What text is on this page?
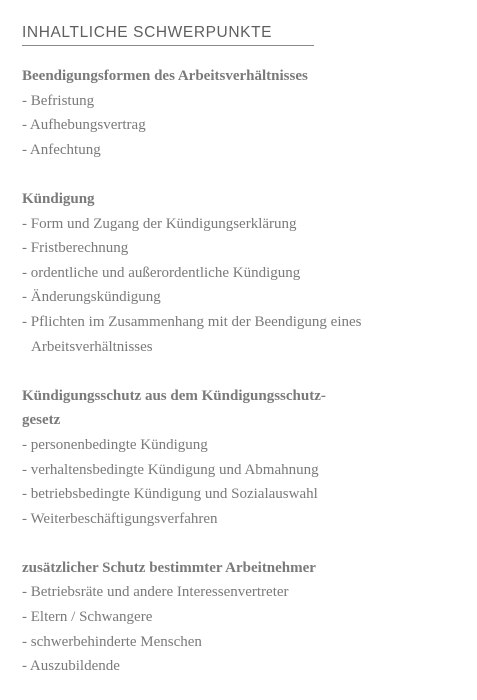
INHALTLICHE SCHWERPUNKTE

Beendigungsformen des Arbeitsverhältnisses

- Befristung

- Aufhebungsvertrag

- Anfechtung

Kündigung

- Form und Zugang der Kündigungserklärung

- Fristberechnung

- ordentliche und außerordentliche Kündigung

- Änderungskündigung

- Pflichten im Zusammenhang mit der Beendigung eines Arbeitsverhältnisses

Kündigungsschutz aus dem Kündigungsschutz-gesetz

- personenbedingte Kündigung

- verhaltensbedingte Kündigung und Abmahnung

- betriebsbedingte Kündigung und Sozialauswahl

- Weiterbeschäftigungsverfahren

zusätzlicher Schutz bestimmter Arbeitnehmer

- Betriebsräte und andere Interessenvertreter

- Eltern / Schwangere

- schwerbehinderte Menschen

- Auszubildende
